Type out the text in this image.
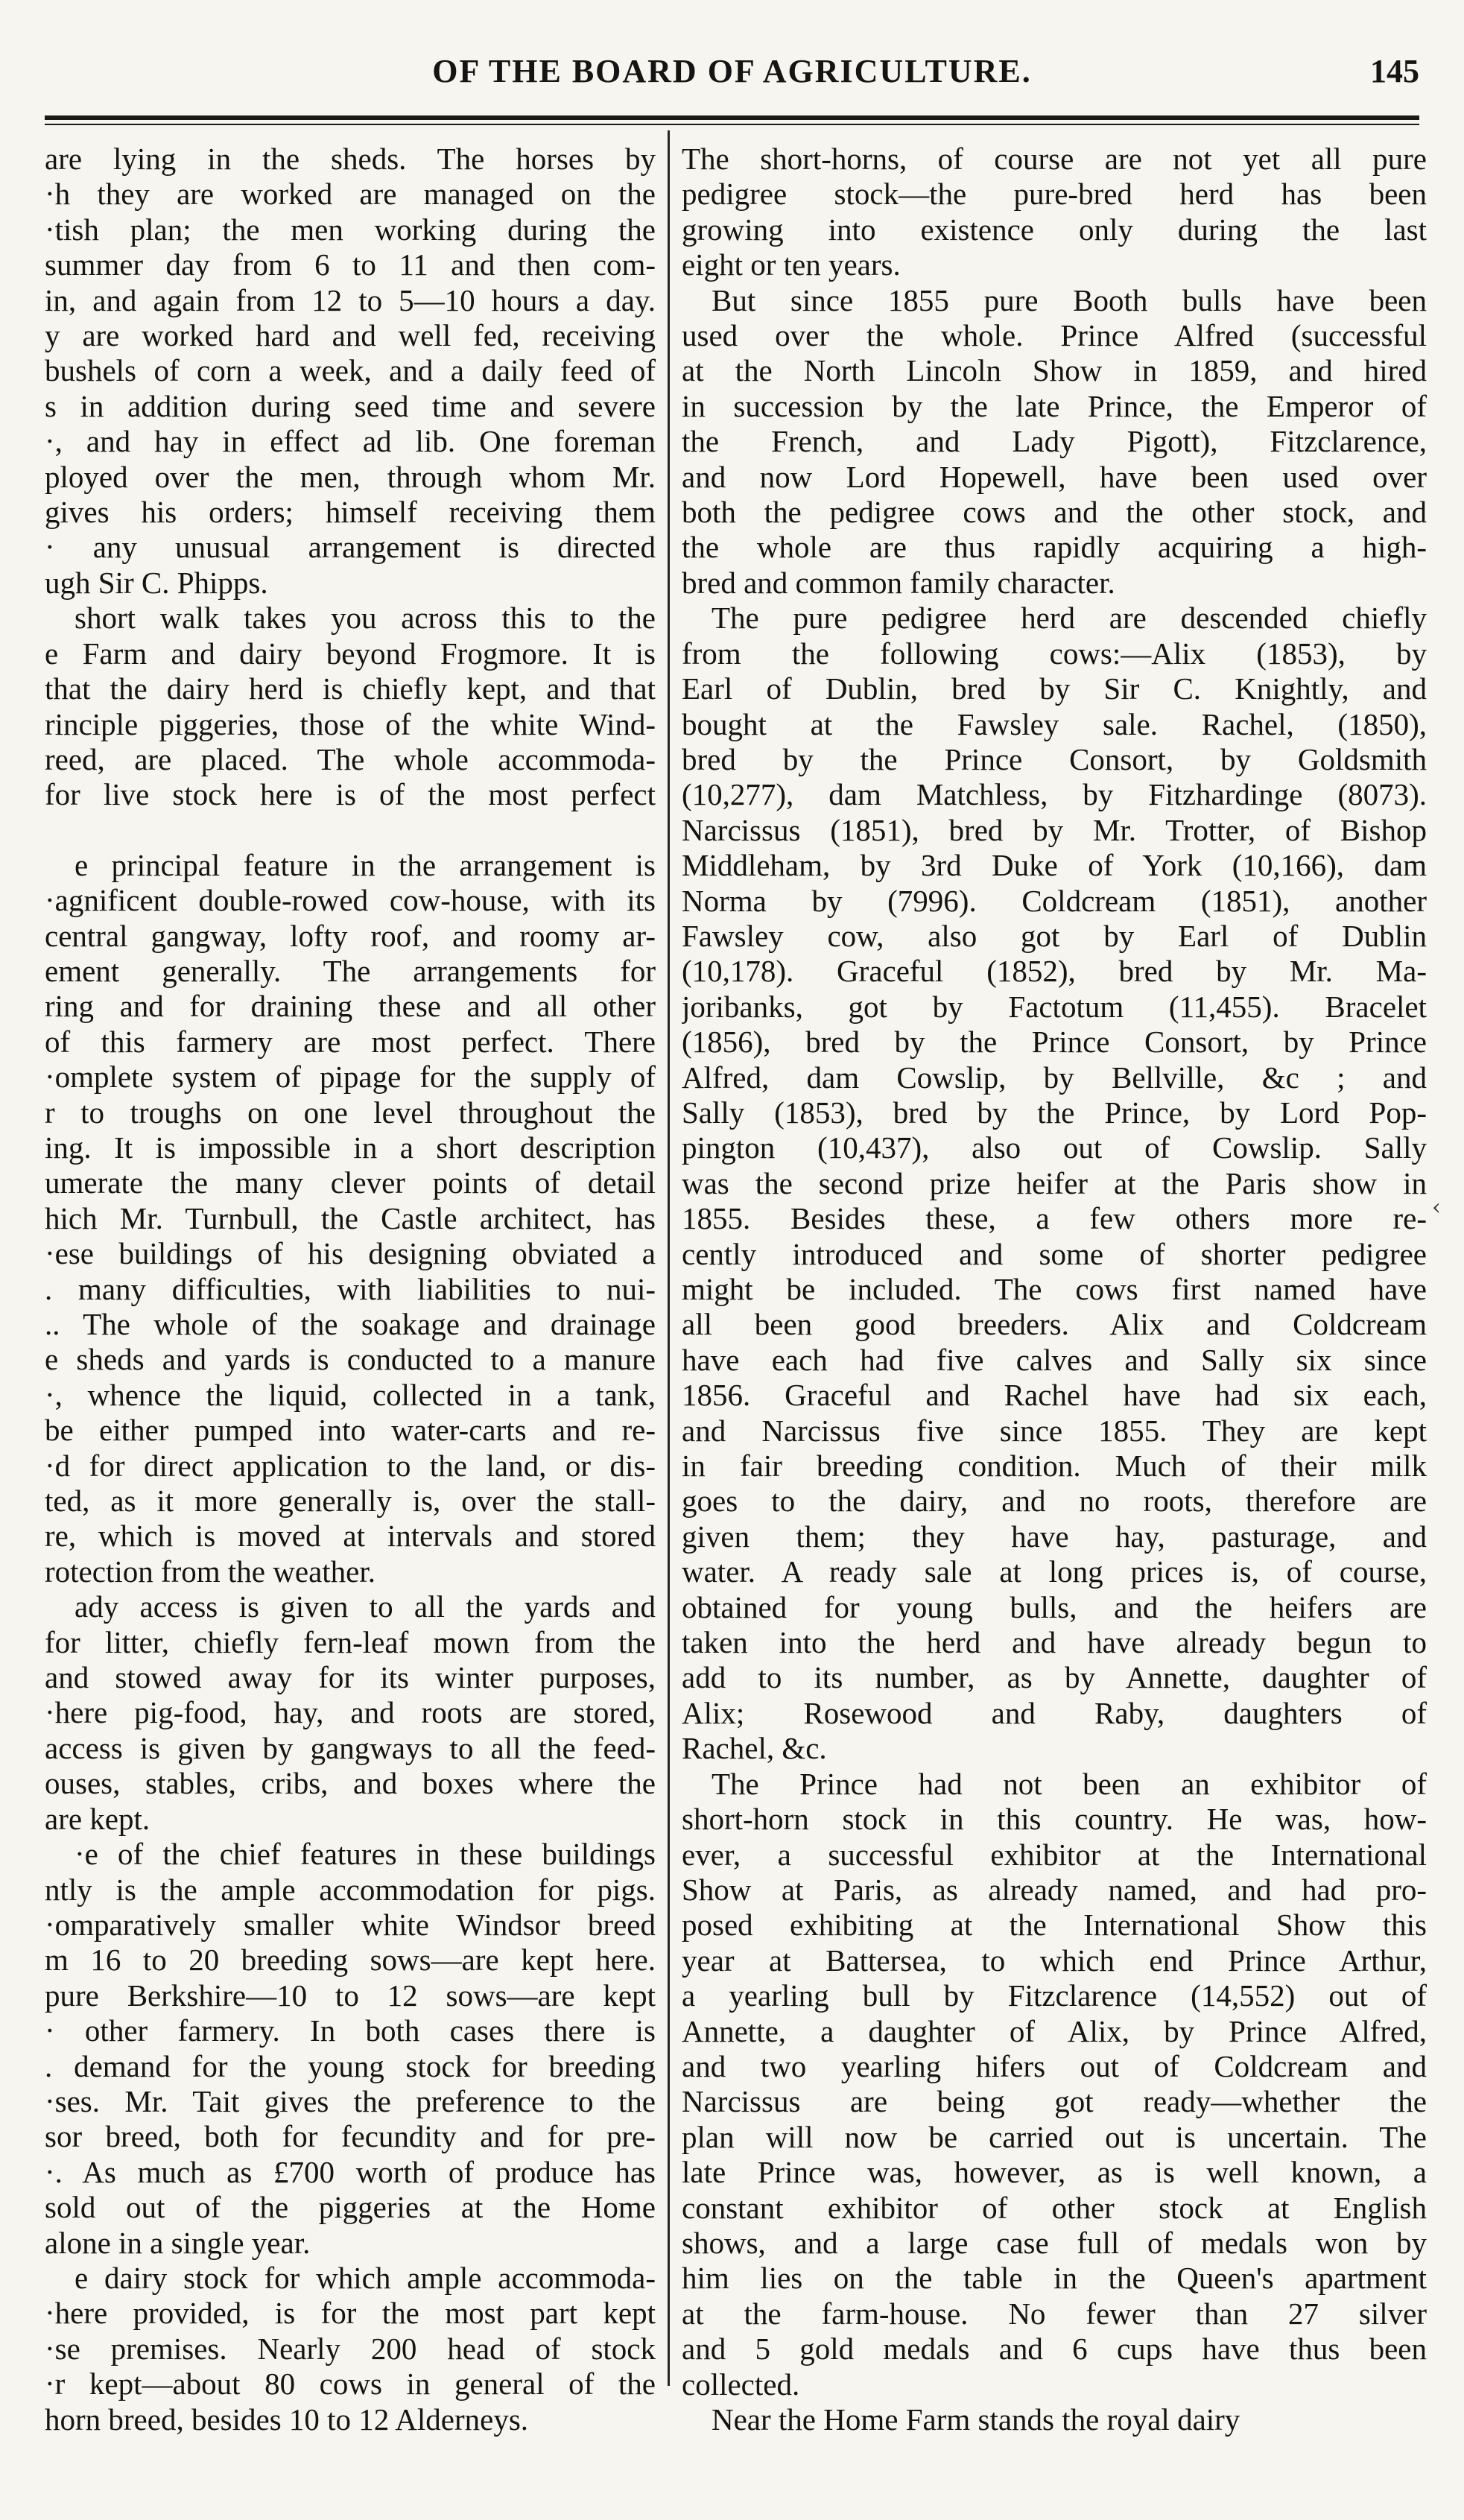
OF THE BOARD OF AGRICULTURE.	145
are lying in the sheds. The horses by
·h they are worked are managed on the
·tish plan; the men working during the
summer day from 6 to 11 and then com-
in, and again from 12 to 5—10 hours a day.
y are worked hard and well fed, receiving
bushels of corn a week, and a daily feed of
s in addition during seed time and severe
·, and hay in effect ad lib. One foreman
ployed over the men, through whom Mr.
gives his orders; himself receiving them
· any unusual arrangement is directed
ugh Sir C. Phipps.
short walk takes you across this to the
e Farm and dairy beyond Frogmore. It is
that the dairy herd is chiefly kept, and that
rinciple piggeries, those of the white Wind-
reed, are placed. The whole accommoda-
for live stock here is of the most perfect
e principal feature in the arrangement is
·agnificent double-rowed cow-house, with its
central gangway, lofty roof, and roomy ar-
ement generally. The arrangements for
ring and for draining these and all other
of this farmery are most perfect. There
·omplete system of pipage for the supply of
r to troughs on one level throughout the
ing. It is impossible in a short description
umerate the many clever points of detail
hich Mr. Turnbull, the Castle architect, has
·ese buildings of his designing obviated a
. many difficulties, with liabilities to nui-
.. The whole of the soakage and drainage
e sheds and yards is conducted to a manure
·, whence the liquid, collected in a tank,
be either pumped into water-carts and re-
·d for direct application to the land, or dis-
ted, as it more generally is, over the stall-
re, which is moved at intervals and stored
rotection from the weather.
ady access is given to all the yards and
for litter, chiefly fern-leaf mown from the
and stowed away for its winter purposes,
·here pig-food, hay, and roots are stored,
access is given by gangways to all the feed-
ouses, stables, cribs, and boxes where the
are kept.
·e of the chief features in these buildings
ntly is the ample accommodation for pigs.
·omparatively smaller white Windsor breed
m 16 to 20 breeding sows—are kept here.
pure Berkshire—10 to 12 sows—are kept
· other farmery. In both cases there is
. demand for the young stock for breeding
·ses. Mr. Tait gives the preference to the
sor breed, both for fecundity and for pre-
·. As much as £700 worth of produce has
sold out of the piggeries at the Home
alone in a single year.
e dairy stock for which ample accommoda-
·here provided, is for the most part kept
·se premises. Nearly 200 head of stock
·r kept—about 80 cows in general of the
horn breed, besides 10 to 12 Alderneys.
The short-horns, of course are not yet all pure
pedigree stock—the pure-bred herd has been
growing into existence only during the last
eight or ten years.
But since 1855 pure Booth bulls have been
used over the whole. Prince Alfred (successful
at the North Lincoln Show in 1859, and hired
in succession by the late Prince, the Emperor of
the French, and Lady Pigott), Fitzclarence,
and now Lord Hopewell, have been used over
both the pedigree cows and the other stock, and
the whole are thus rapidly acquiring a high-
bred and common family character.
The pure pedigree herd are descended chiefly
from the following cows:—Alix (1853), by
Earl of Dublin, bred by Sir C. Knightly, and
bought at the Fawsley sale. Rachel, (1850),
bred by the Prince Consort, by Goldsmith
(10,277), dam Matchless, by Fitzhardinge (8073).
Narcissus (1851), bred by Mr. Trotter, of Bishop
Middleham, by 3rd Duke of York (10,166), dam
Norma by (7996). Coldcream (1851), another
Fawsley cow, also got by Earl of Dublin
(10,178). Graceful (1852), bred by Mr. Ma-
joribanks, got by Factotum (11,455). Bracelet
(1856), bred by the Prince Consort, by Prince
Alfred, dam Cowslip, by Bellville, &c ; and
Sally (1853), bred by the Prince, by Lord Pop-
pington (10,437), also out of Cowslip. Sally
was the second prize heifer at the Paris show in
1855. Besides these, a few others more re-
cently introduced and some of shorter pedigree
might be included. The cows first named have
all been good breeders. Alix and Coldcream
have each had five calves and Sally six since
1856. Graceful and Rachel have had six each,
and Narcissus five since 1855. They are kept
in fair breeding condition. Much of their milk
goes to the dairy, and no roots, therefore are
given them; they have hay, pasturage, and
water. A ready sale at long prices is, of course,
obtained for young bulls, and the heifers are
taken into the herd and have already begun to
add to its number, as by Annette, daughter of
Alix; Rosewood and Raby, daughters of
Rachel, &c.
The Prince had not been an exhibitor of
short-horn stock in this country. He was, how-
ever, a successful exhibitor at the International
Show at Paris, as already named, and had pro-
posed exhibiting at the International Show this
year at Battersea, to which end Prince Arthur,
a yearling bull by Fitzclarence (14,552) out of
Annette, a daughter of Alix, by Prince Alfred,
and two yearling hifers out of Coldcream and
Narcissus are being got ready—whether the
plan will now be carried out is uncertain. The
late Prince was, however, as is well known, a
constant exhibitor of other stock at English
shows, and a large case full of medals won by
him lies on the table in the Queen's apartment
at the farm-house. No fewer than 27 silver
and 5 gold medals and 6 cups have thus been
collected.
Near the Home Farm stands the royal dairy
‹
